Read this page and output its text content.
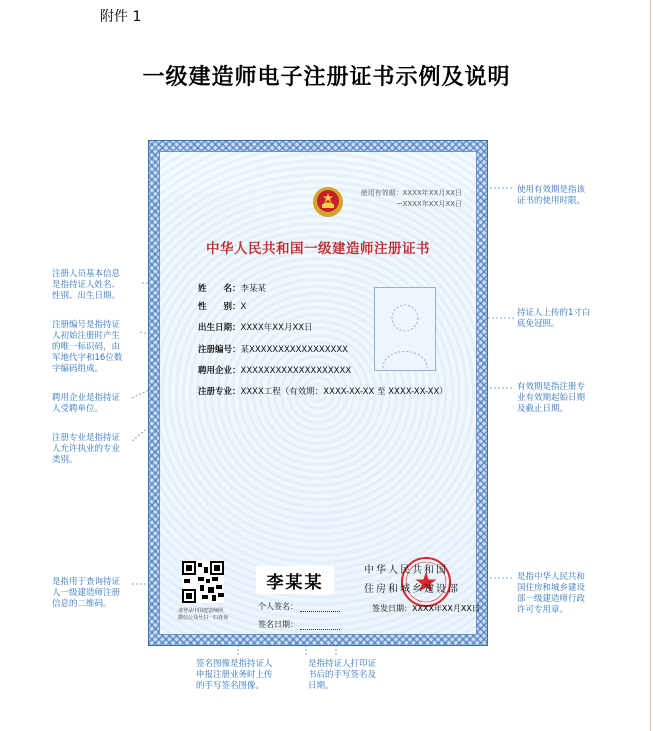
附件 1
一级建造师电子注册证书示例及说明
注册人员基本信息
是指持证人姓名、
性别、出生日期。
注册编号是指持证
人初始注册时产生
的唯一标识码，由
军地代字和16位数
字编码组成。
聘用企业是指持证
人受聘单位。
注册专业是指持证
人允许执业的专业
类别。
是指用于查询持证
人一级建造师注册
信息的二维码。
使用有效期是指该
证书的使用时限。
持证人上传的1寸白
底免冠照。
有效期是指注册专
业有效期起始日期
及截止日期。
是指中华人民共和
国住房和城乡建设
部一级建造师行政
许可专用章。
签名图像是指持证人
申报注册业务时上传
的手写签名图像。
是指持证人打印证
书后的手写签名及
日期。
使用有效期：XXXX年XX月XX日
~XXXX年XX月XX日
中华人民共和国一级建造师注册证书
姓　　名：李某某
性　　别：X
出生日期：XXXX年XX月XX日
注册编号：某XXXXXXXXXXXXXXXXX
聘用企业：XXXXXXXXXXXXXXXXXXX
注册专业：XXXX工程（有效期：XXXX-XX-XX 至 XXXX-XX-XX）
请登录中国建造师网
微信公众号扫一扫查询
李某某
个人签名：
签名日期：
中华人民共和国
住房和城乡建设部
签发日期：XXXX年XX月XX日
